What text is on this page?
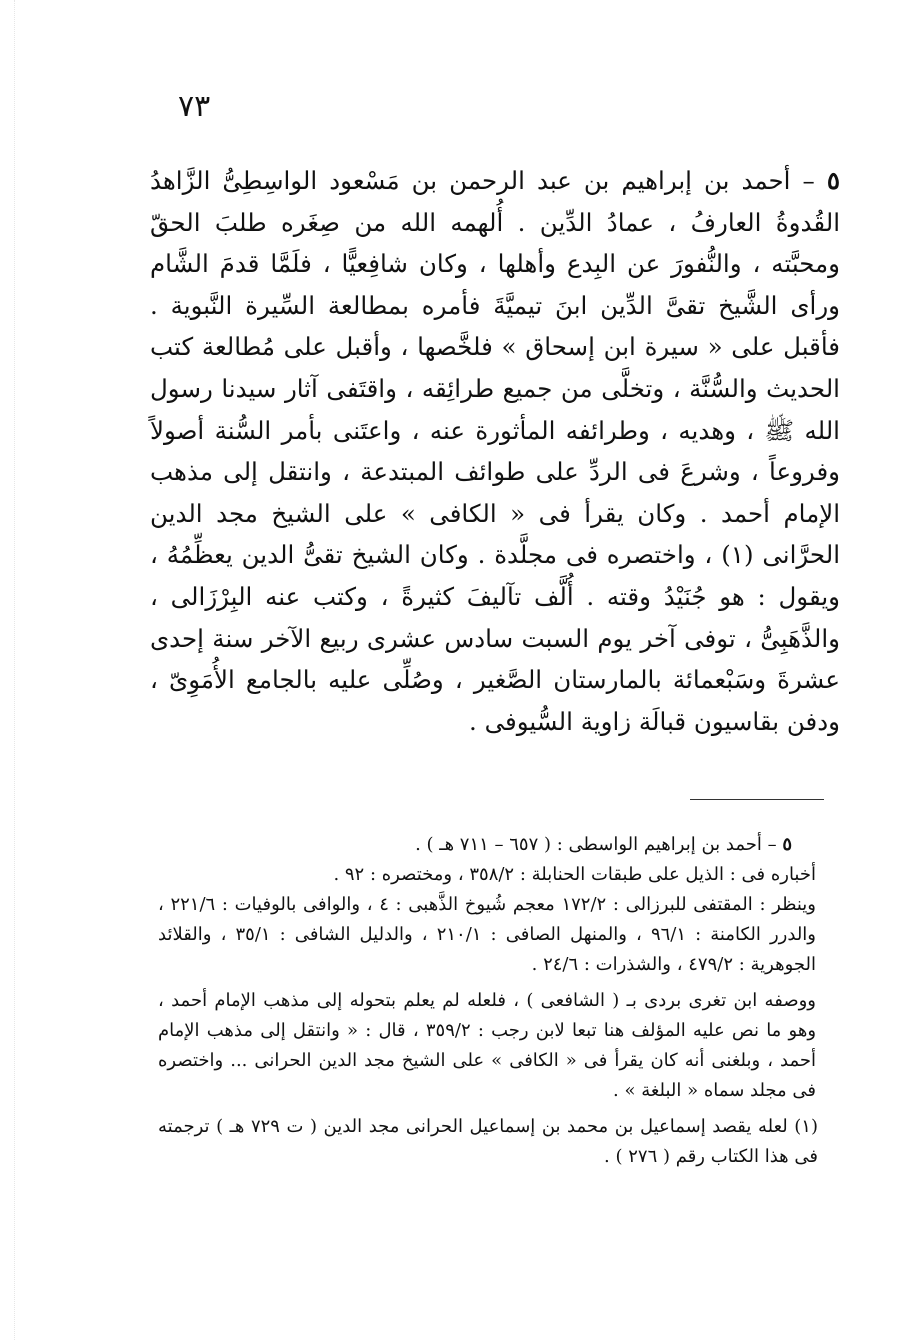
٧٣

٥ – أحمد بن إبراهيم بن عبد الرحمن بن مَسْعود الواسِطِىُّ الزَّاهدُ القُدوةُ العارفُ ، عمادُ الدِّين . أُلهمه الله من صِغَره طلبَ الحقّ ومحبَّته ، والنُّفورَ عن البِدع وأهلها ، وكان شافِعيًّا ، فلَمَّا قدمَ الشَّام ورأى الشَّيخ تقىَّ الدِّين ابنَ تيميَّةَ فأمره بمطالعة السِّيرة النَّبوية . فأقبل على « سيرة ابن إسحاق » فلخَّصها ، وأقبل على مُطالعة كتب الحديث والسُّنَّة ، وتخلَّى من جميع طرائِقه ، واقتَفى آثار سيدنا رسول الله ﷺ ، وهديه ، وطرائفه المأثورة عنه ، واعتَنى بأمر السُّنة أصولاً وفروعاً ، وشرعَ فى الردِّ على طوائف المبتدعة ، وانتقل إلى مذهب الإمام أحمد . وكان يقرأ فى « الكافى » على الشيخ مجد الدين الحرَّانى (١) ، واختصره فى مجلَّدة . وكان الشيخ تقىُّ الدين يعظِّمُهُ ، ويقول : هو جُنَيْدُ وقته . أُلَّف تآليفَ كثيرةً ، وكتب عنه البِرْزَالى ، والذَّهَبِىُّ ، توفى آخر يوم السبت سادس عشرى ربيع الآخر سنة إحدى عشرةَ وسَبْعمائة بالمارستان الصَّغير ، وصُلِّى عليه بالجامع الأُمَوِىّ ، ودفن بقاسيون قبالَة زاوية السُّيوفى .

٥ – أحمد بن إبراهيم الواسطى : ( ٦٥٧ – ٧١١ هـ ) .

أخباره فى : الذيل على طبقات الحنابلة : ٣٥٨/٢ ، ومختصره : ٩٢ .

وينظر : المقتفى للبرزالى : ١٧٢/٢ معجم شُيوخ الذَّهبى : ٤ ، والوافى بالوفيات : ٢٢١/٦ ، والدرر الكامنة : ٩٦/١ ، والمنهل الصافى : ٢١٠/١ ، والدليل الشافى : ٣٥/١ ، والقلائد الجوهرية : ٤٧٩/٢ ، والشذرات : ٢٤/٦ .

ووصفه ابن تغرى بردى بـ ( الشافعى ) ، فلعله لم يعلم بتحوله إلى مذهب الإمام أحمد ، وهو ما نص عليه المؤلف هنا تبعا لابن رجب : ٣٥٩/٢ ، قال : « وانتقل إلى مذهب الإمام أحمد ، وبلغنى أنه كان يقرأ فى « الكافى » على الشيخ مجد الدين الحرانى ... واختصره فى مجلد سماه « البلغة » .

(١) لعله يقصد إسماعيل بن محمد بن إسماعيل الحرانى مجد الدين ( ت ٧٢٩ هـ ) ترجمته فى هذا الكتاب رقم ( ٢٧٦ ) .
